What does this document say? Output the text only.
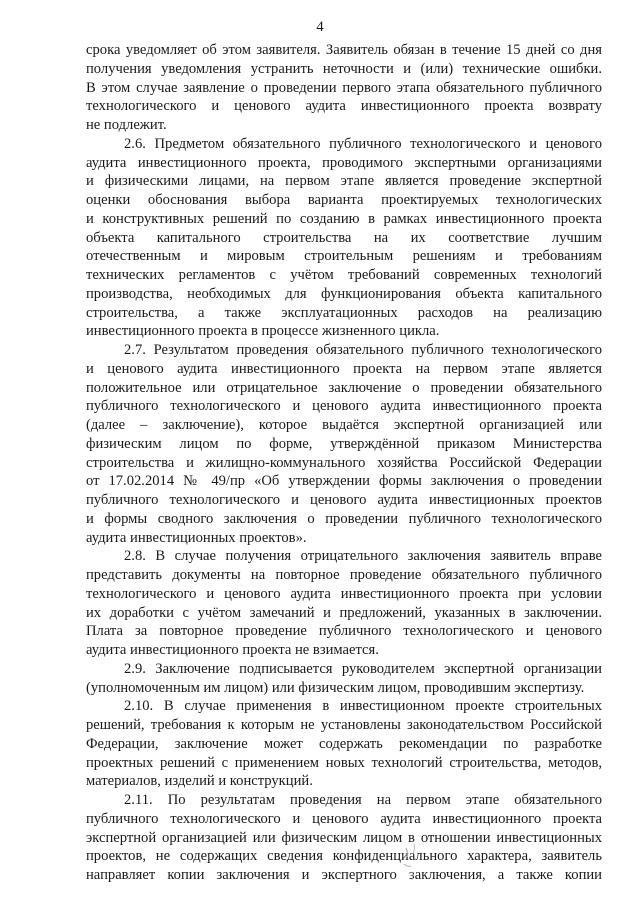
4
срока уведомляет об этом заявителя. Заявитель обязан в течение 15 дней со дня
получения уведомления устранить неточности и (или) технические ошибки.
В этом случае заявление о проведении первого этапа обязательного публичного
технологического и ценового аудита инвестиционного проекта возврату
не подлежит.
2.6. Предметом обязательного публичного технологического и ценового
аудита инвестиционного проекта, проводимого экспертными организациями
и физическими лицами, на первом этапе является проведение экспертной
оценки обоснования выбора варианта проектируемых технологических
и конструктивных решений по созданию в рамках инвестиционного проекта
объекта капитального строительства на их соответствие лучшим
отечественным и мировым строительным решениям и требованиям
технических регламентов с учётом требований современных технологий
производства, необходимых для функционирования объекта капитального
строительства, а также эксплуатационных расходов на реализацию
инвестиционного проекта в процессе жизненного цикла.
2.7. Результатом проведения обязательного публичного технологического
и ценового аудита инвестиционного проекта на первом этапе является
положительное или отрицательное заключение о проведении обязательного
публичного технологического и ценового аудита инвестиционного проекта
(далее – заключение), которое выдаётся экспертной организацией или
физическим лицом по форме, утверждённой приказом Министерства
строительства и жилищно-коммунального хозяйства Российской Федерации
от 17.02.2014 № 49/пр «Об утверждении формы заключения о проведении
публичного технологического и ценового аудита инвестиционных проектов
и формы сводного заключения о проведении публичного технологического
аудита инвестиционных проектов».
2.8. В случае получения отрицательного заключения заявитель вправе
представить документы на повторное проведение обязательного публичного
технологического и ценового аудита инвестиционного проекта при условии
их доработки с учётом замечаний и предложений, указанных в заключении.
Плата за повторное проведение публичного технологического и ценового
аудита инвестиционного проекта не взимается.
2.9. Заключение подписывается руководителем экспертной организации
(уполномоченным им лицом) или физическим лицом, проводившим экспертизу.
2.10. В случае применения в инвестиционном проекте строительных
решений, требования к которым не установлены законодательством Российской
Федерации, заключение может содержать рекомендации по разработке
проектных решений с применением новых технологий строительства, методов,
материалов, изделий и конструкций.
2.11. По результатам проведения на первом этапе обязательного
публичного технологического и ценового аудита инвестиционного проекта
экспертной организацией или физическим лицом в отношении инвестиционных
проектов, не содержащих сведения конфиденциального характера, заявитель
направляет копии заключения и экспертного заключения, а также копии
